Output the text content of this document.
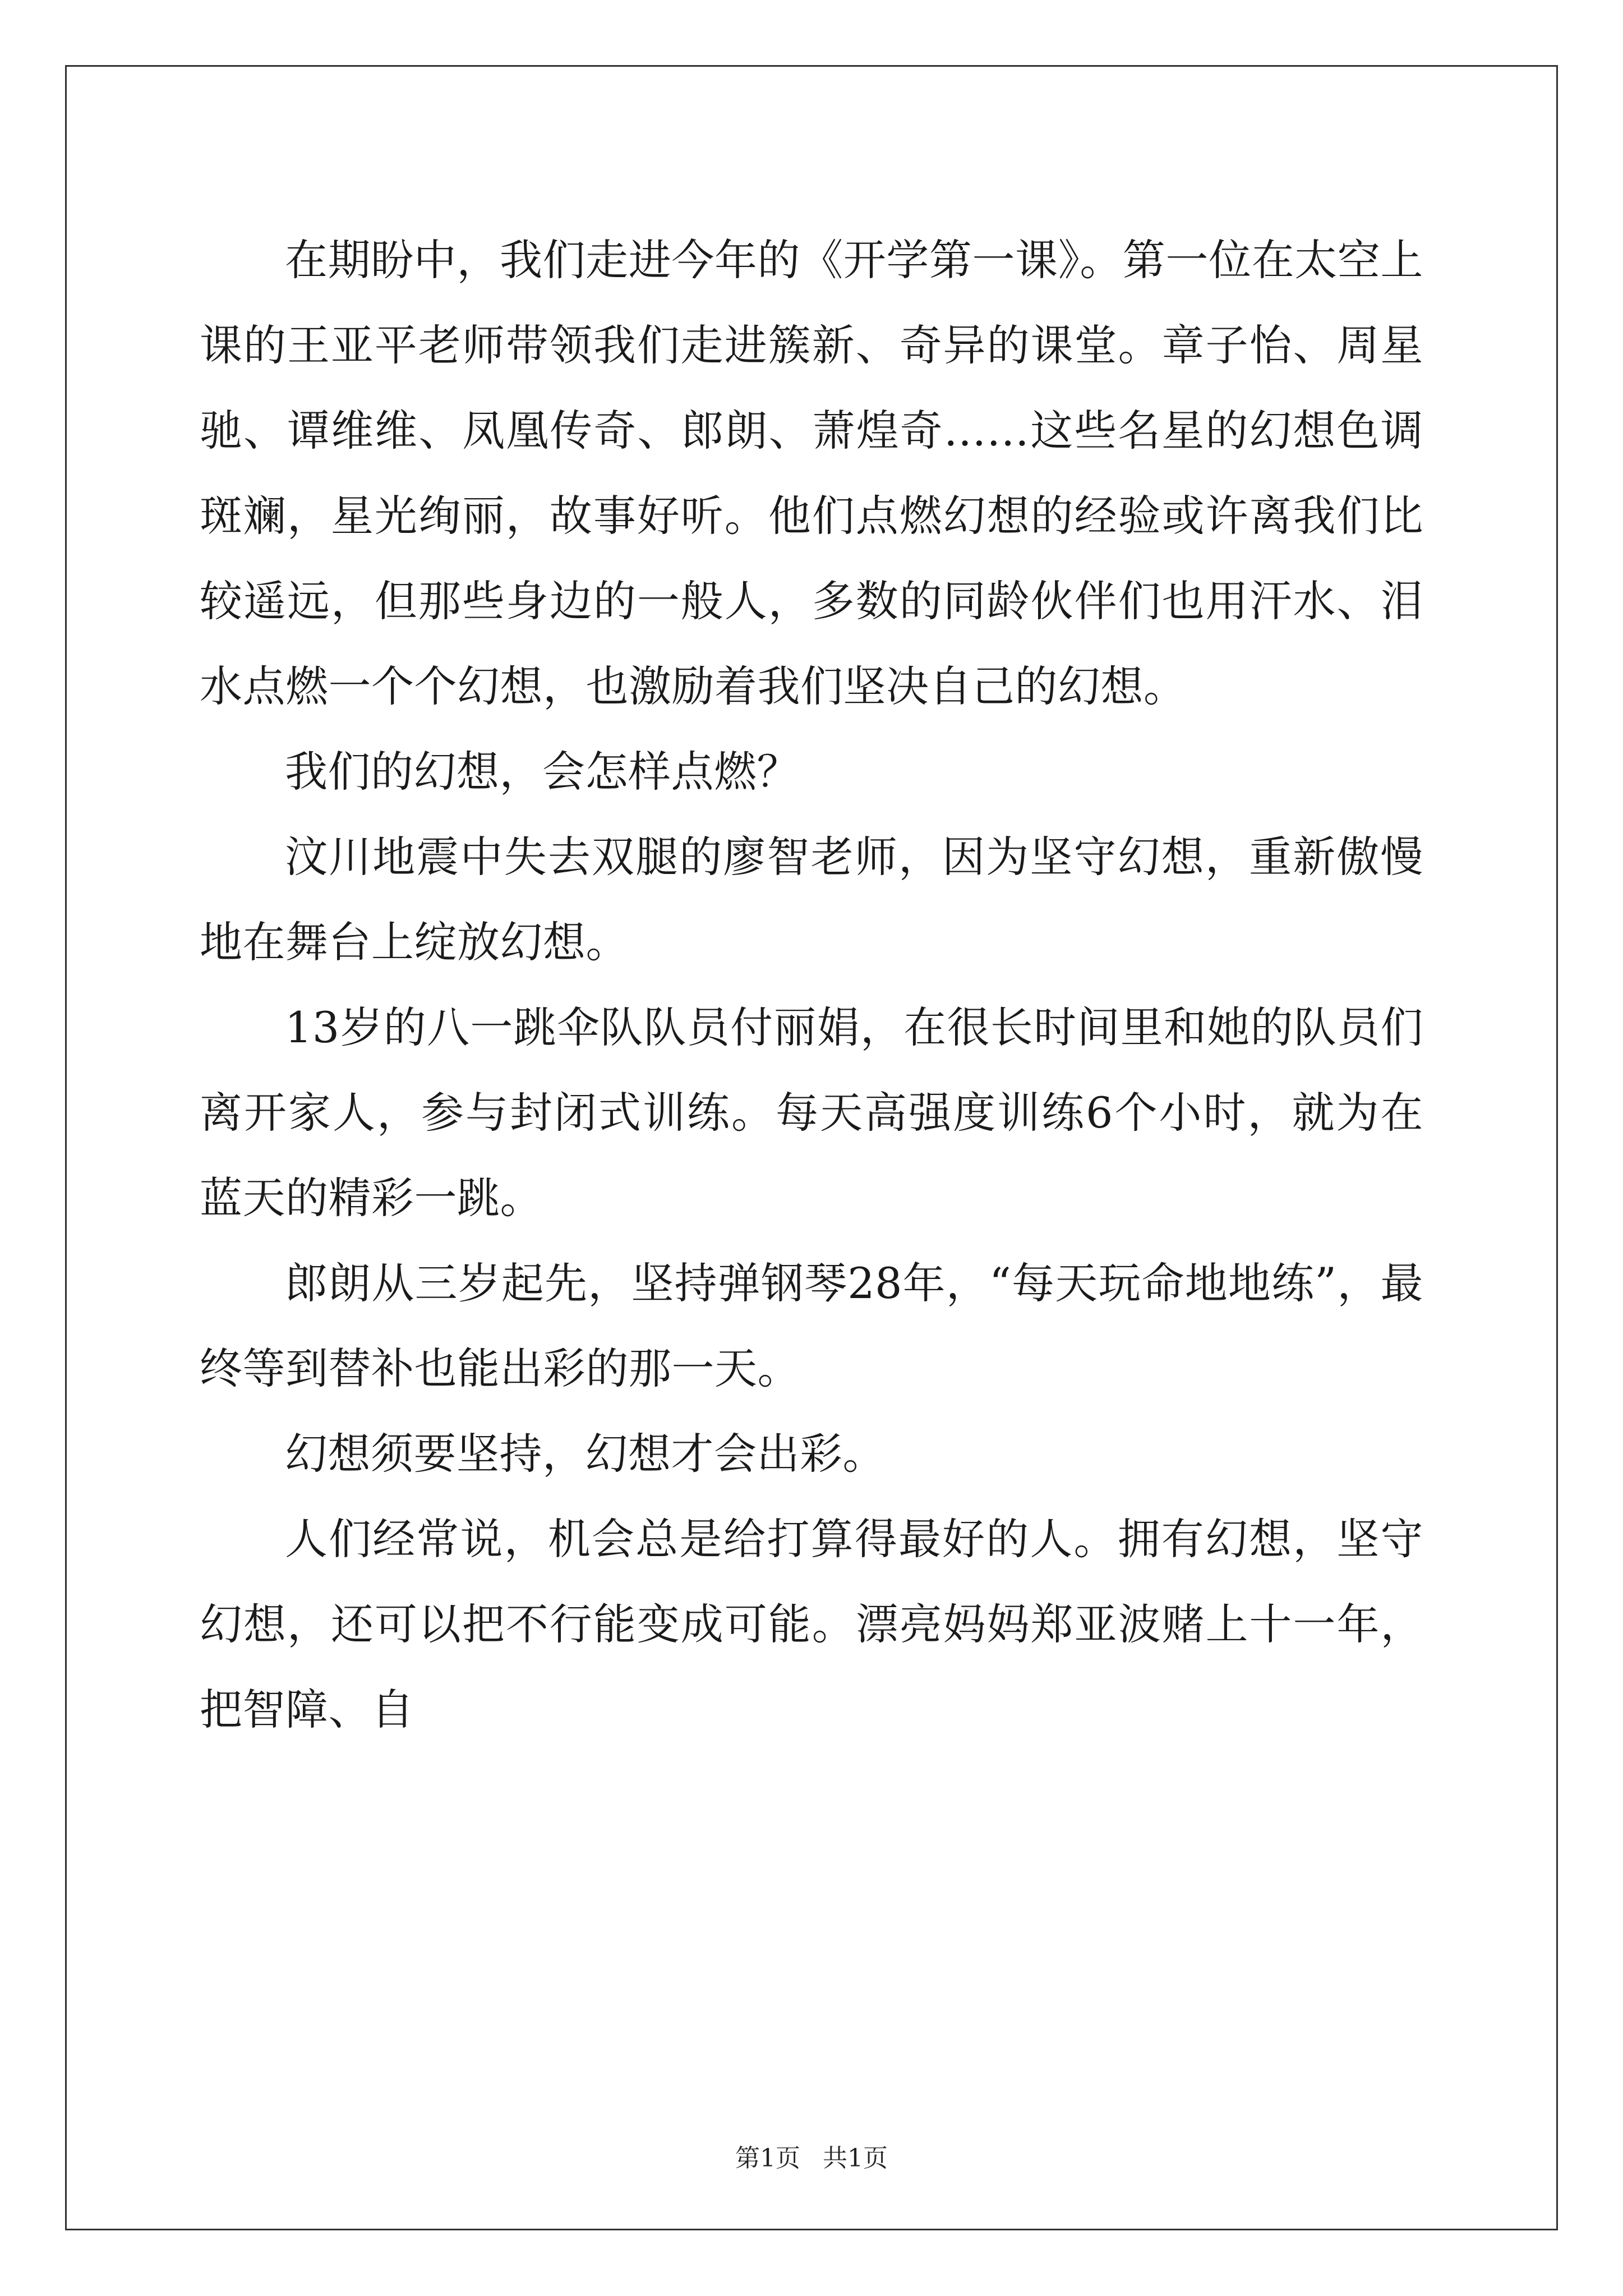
在期盼中，我们走进今年的《开学第一课》。第一位在太空上课的王亚平老师带领我们走进簇新、奇异的课堂。章子怡、周星驰、谭维维、凤凰传奇、郎朗、萧煌奇……这些名星的幻想色调斑斓，星光绚丽，故事好听。他们点燃幻想的经验或许离我们比较遥远，但那些身边的一般人，多数的同龄伙伴们也用汗水、泪水点燃一个个幻想，也激励着我们坚决自己的幻想。

我们的幻想，会怎样点燃？

汶川地震中失去双腿的廖智老师，因为坚守幻想，重新傲慢地在舞台上绽放幻想。

13岁的八一跳伞队队员付丽娟，在很长时间里和她的队员们离开家人，参与封闭式训练。每天高强度训练6个小时，就为在蓝天的精彩一跳。

郎朗从三岁起先，坚持弹钢琴28年，“每天玩命地地练”，最终等到替补也能出彩的那一天。

幻想须要坚持，幻想才会出彩。

人们经常说，机会总是给打算得最好的人。拥有幻想，坚守幻想，还可以把不行能变成可能。漂亮妈妈郑亚波赌上十一年，把智障、自

第1页 共1页
